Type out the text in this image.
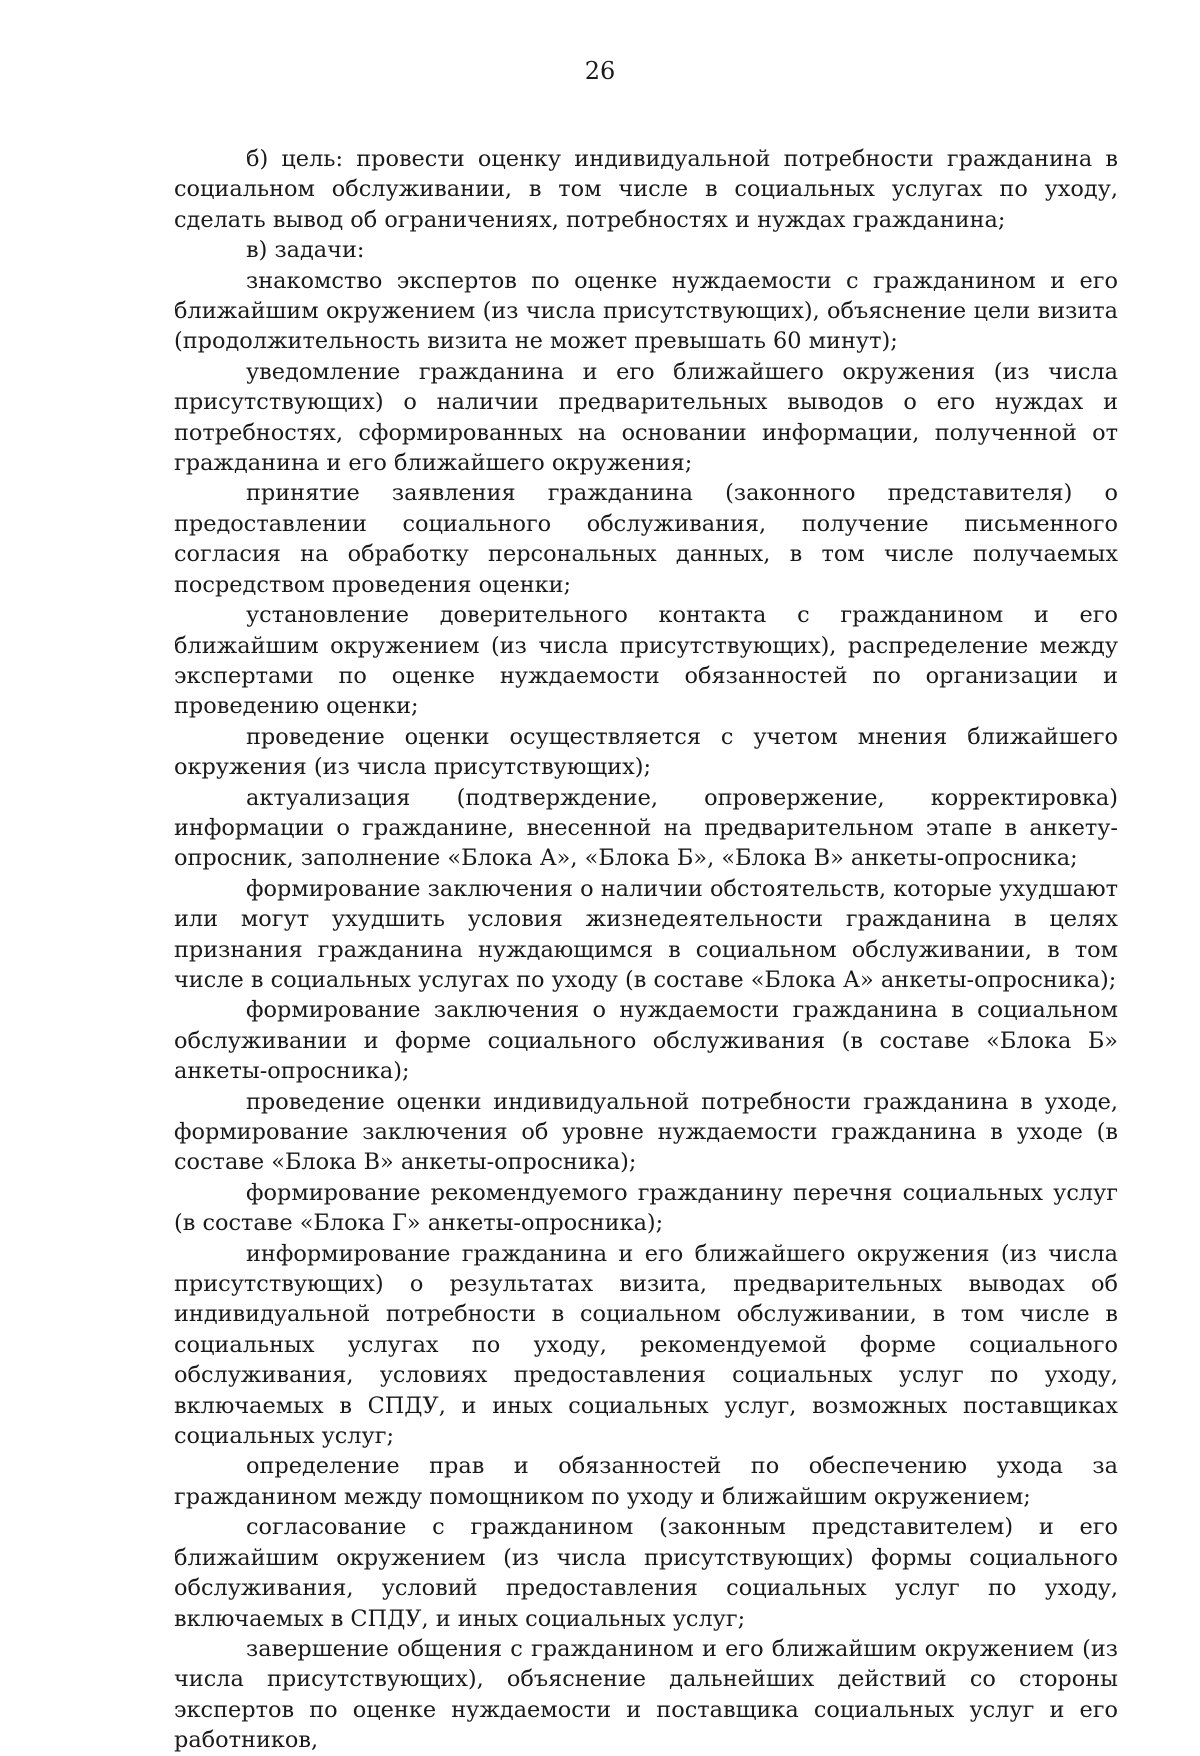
26

б) цель: провести оценку индивидуальной потребности гражданина в социальном обслуживании, в том числе в социальных услугах по уходу, сделать вывод об ограничениях, потребностях и нуждах гражданина;

в) задачи:

знакомство экспертов по оценке нуждаемости с гражданином и его ближайшим окружением (из числа присутствующих), объяснение цели визита (продолжительность визита не может превышать 60 минут);

уведомление гражданина и его ближайшего окружения (из числа присутствующих) о наличии предварительных выводов о его нуждах и потребностях, сформированных на основании информации, полученной от гражданина и его ближайшего окружения;

принятие заявления гражданина (законного представителя) о предоставлении социального обслуживания, получение письменного согласия на обработку персональных данных, в том числе получаемых посредством проведения оценки;

установление доверительного контакта с гражданином и его ближайшим окружением (из числа присутствующих), распределение между экспертами по оценке нуждаемости обязанностей по организации и проведению оценки;

проведение оценки осуществляется с учетом мнения ближайшего окружения (из числа присутствующих);

актуализация (подтверждение, опровержение, корректировка) информации о гражданине, внесенной на предварительном этапе в анкету-опросник, заполнение «Блока А», «Блока Б», «Блока В» анкеты-опросника;

формирование заключения о наличии обстоятельств, которые ухудшают или могут ухудшить условия жизнедеятельности гражданина в целях признания гражданина нуждающимся в социальном обслуживании, в том числе в социальных услугах по уходу (в составе «Блока А» анкеты-опросника);

формирование заключения о нуждаемости гражданина в социальном обслуживании и форме социального обслуживания (в составе «Блока Б» анкеты-опросника);

проведение оценки индивидуальной потребности гражданина в уходе, формирование заключения об уровне нуждаемости гражданина в уходе (в составе «Блока В» анкеты-опросника);

формирование рекомендуемого гражданину перечня социальных услуг (в составе «Блока Г» анкеты-опросника);

информирование гражданина и его ближайшего окружения (из числа присутствующих) о результатах визита, предварительных выводах об индивидуальной потребности в социальном обслуживании, в том числе в социальных услугах по уходу, рекомендуемой форме социального обслуживания, условиях предоставления социальных услуг по уходу, включаемых в СПДУ, и иных социальных услуг, возможных поставщиках социальных услуг;

определение прав и обязанностей по обеспечению ухода за гражданином между помощником по уходу и ближайшим окружением;

согласование с гражданином (законным представителем) и его ближайшим окружением (из числа присутствующих) формы социального обслуживания, условий предоставления социальных услуг по уходу, включаемых в СПДУ, и иных социальных услуг;

завершение общения с гражданином и его ближайшим окружением (из числа присутствующих), объяснение дальнейших действий со стороны экспертов по оценке нуждаемости и поставщика социальных услуг и его работников,
